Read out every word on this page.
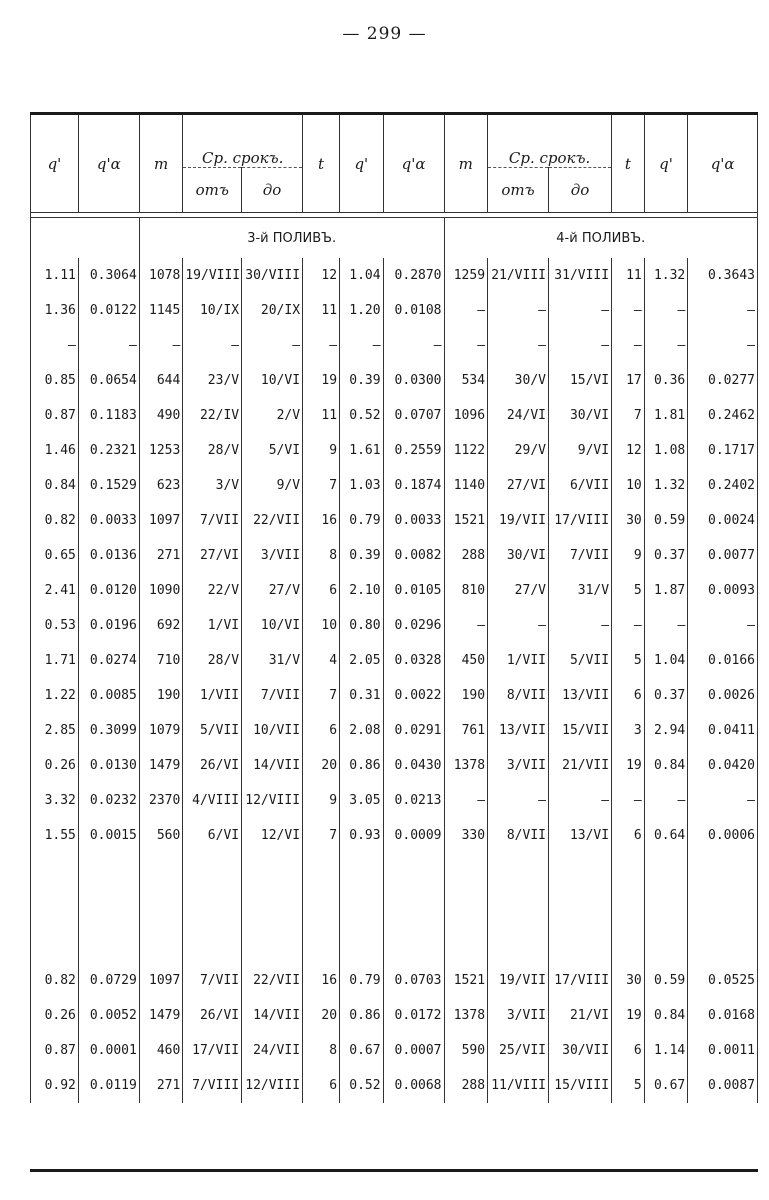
— 299 —
q'	q'α	m	Ср. срокъ.		t	q'	q'α	m	Ср. срокъ.		t	q'	q'α
			отъ	до					отъ	до			

		3-й ПОЛИВЪ.						4-й ПОЛИВЪ.					
1.11	0.3064	1078	19/VIII	30/VIII	12	1.04	0.2870	1259	21/VIII	31/VIII	11	1.32	0.3643
1.36	0.0122	1145	10/IX	20/IX	11	1.20	0.0108	—	—	—	—	—	—
—	—	—	—	—	—	—	—	—	—	—	—	—	—
0.85	0.0654	644	23/V	10/VI	19	0.39	0.0300	534	30/V	15/VI	17	0.36	0.0277
0.87	0.1183	490	22/IV	2/V	11	0.52	0.0707	1096	24/VI	30/VI	7	1.81	0.2462
1.46	0.2321	1253	28/V	5/VI	9	1.61	0.2559	1122	29/V	9/VI	12	1.08	0.1717
0.84	0.1529	623	3/V	9/V	7	1.03	0.1874	1140	27/VI	6/VII	10	1.32	0.2402
0.82	0.0033	1097	7/VII	22/VII	16	0.79	0.0033	1521	19/VII	17/VIII	30	0.59	0.0024
0.65	0.0136	271	27/VI	3/VII	8	0.39	0.0082	288	30/VI	7/VII	9	0.37	0.0077
2.41	0.0120	1090	22/V	27/V	6	2.10	0.0105	810	27/V	31/V	5	1.87	0.0093
0.53	0.0196	692	1/VI	10/VI	10	0.80	0.0296	—	—	—	—	—	—
1.71	0.0274	710	28/V	31/V	4	2.05	0.0328	450	1/VII	5/VII	5	1.04	0.0166
1.22	0.0085	190	1/VII	7/VII	7	0.31	0.0022	190	8/VII	13/VII	6	0.37	0.0026
2.85	0.3099	1079	5/VII	10/VII	6	2.08	0.0291	761	13/VII	15/VII	3	2.94	0.0411
0.26	0.0130	1479	26/VI	14/VII	20	0.86	0.0430	1378	3/VII	21/VII	19	0.84	0.0420
3.32	0.0232	2370	4/VIII	12/VIII	9	3.05	0.0213	—	—	—	—	—	—
1.55	0.0015	560	6/VI	12/VI	7	0.93	0.0009	330	8/VII	13/VI	6	0.64	0.0006

0.82	0.0729	1097	7/VII	22/VII	16	0.79	0.0703	1521	19/VII	17/VIII	30	0.59	0.0525
0.26	0.0052	1479	26/VI	14/VII	20	0.86	0.0172	1378	3/VII	21/VI	19	0.84	0.0168
0.87	0.0001	460	17/VII	24/VII	8	0.67	0.0007	590	25/VII	30/VII	6	1.14	0.0011
0.92	0.0119	271	7/VIII	12/VIII	6	0.52	0.0068	288	11/VIII	15/VIII	5	0.67	0.0087
